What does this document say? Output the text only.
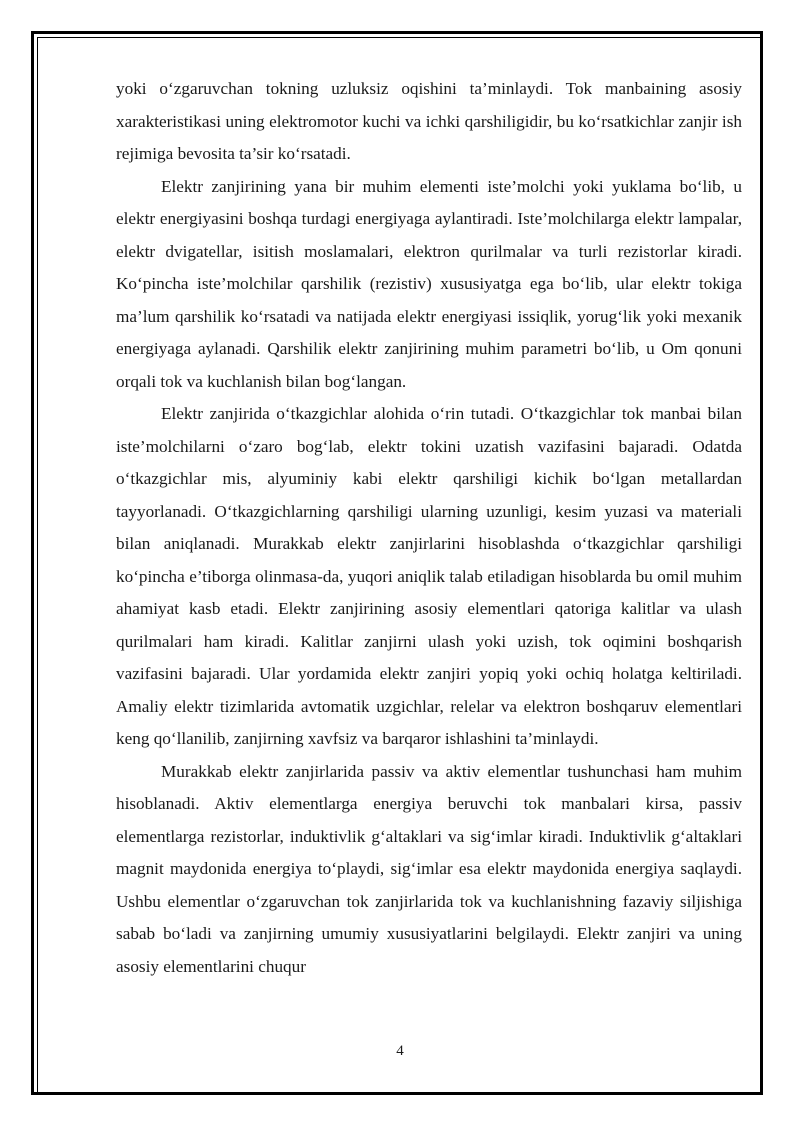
yoki o‘zgaruvchan tokning uzluksiz oqishini ta’minlaydi. Tok manbaining asosiy xarakteristikasi uning elektromotor kuchi va ichki qarshiligidir, bu ko‘rsatkichlar zanjir ish rejimiga bevosita ta’sir ko‘rsatadi.

Elektr zanjirining yana bir muhim elementi iste’molchi yoki yuklama bo‘lib, u elektr energiyasini boshqa turdagi energiyaga aylantiradi. Iste’molchilarga elektr lampalar, elektr dvigatellar, isitish moslamalari, elektron qurilmalar va turli rezistorlar kiradi. Ko‘pincha iste’molchilar qarshilik (rezistiv) xususiyatga ega bo‘lib, ular elektr tokiga ma’lum qarshilik ko‘rsatadi va natijada elektr energiyasi issiqlik, yorug‘lik yoki mexanik energiyaga aylanadi. Qarshilik elektr zanjirining muhim parametri bo‘lib, u Om qonuni orqali tok va kuchlanish bilan bog‘langan.

Elektr zanjirida o‘tkazgichlar alohida o‘rin tutadi. O‘tkazgichlar tok manbai bilan iste’molchilarni o‘zaro bog‘lab, elektr tokini uzatish vazifasini bajaradi. Odatda o‘tkazgichlar mis, alyuminiy kabi elektr qarshiligi kichik bo‘lgan metallardan tayyorlanadi. O‘tkazgichlarning qarshiligi ularning uzunligi, kesim yuzasi va materiali bilan aniqlanadi. Murakkab elektr zanjirlarini hisoblashda o‘tkazgichlar qarshiligi ko‘pincha e’tiborga olinmasa-da, yuqori aniqlik talab etiladigan hisoblarda bu omil muhim ahamiyat kasb etadi. Elektr zanjirining asosiy elementlari qatoriga kalitlar va ulash qurilmalari ham kiradi. Kalitlar zanjirni ulash yoki uzish, tok oqimini boshqarish vazifasini bajaradi. Ular yordamida elektr zanjiri yopiq yoki ochiq holatga keltiriladi. Amaliy elektr tizimlarida avtomatik uzgichlar, relelar va elektron boshqaruv elementlari keng qo‘llanilib, zanjirning xavfsiz va barqaror ishlashini ta’minlaydi.

Murakkab elektr zanjirlarida passiv va aktiv elementlar tushunchasi ham muhim hisoblanadi. Aktiv elementlarga energiya beruvchi tok manbalari kirsa, passiv elementlarga rezistorlar, induktivlik g‘altaklari va sig‘imlar kiradi. Induktivlik g‘altaklari magnit maydonida energiya to‘playdi, sig‘imlar esa elektr maydonida energiya saqlaydi. Ushbu elementlar o‘zgaruvchan tok zanjirlarida tok va kuchlanishning fazaviy siljishiga sabab bo‘ladi va zanjirning umumiy xususiyatlarini belgilaydi. Elektr zanjiri va uning asosiy elementlarini chuqur

4
